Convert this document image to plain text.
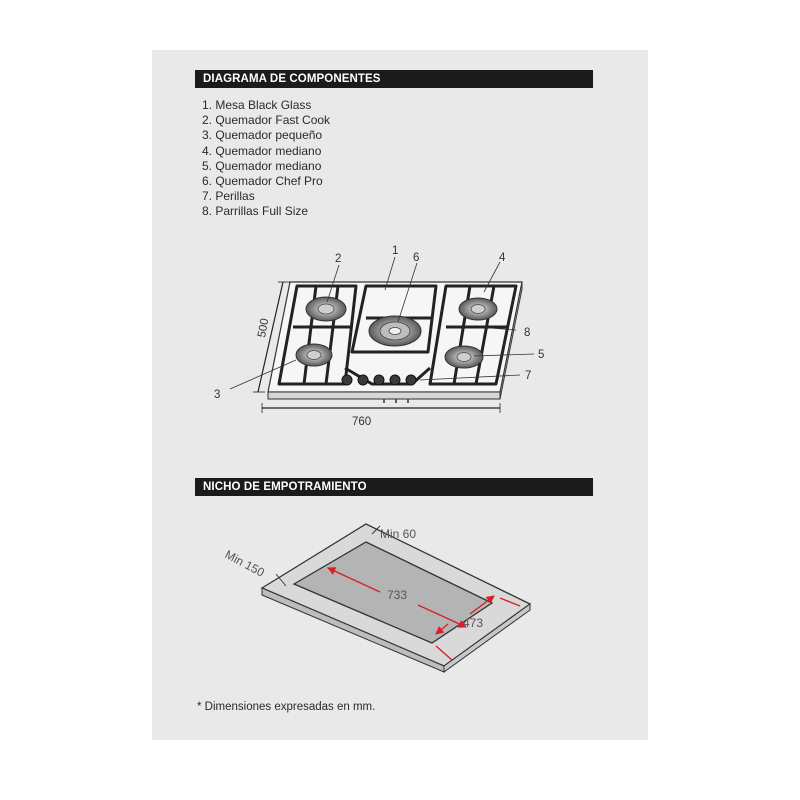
DIAGRAMA DE COMPONENTES
1. Mesa Black Glass
2. Quemador Fast Cook
3. Quemador pequeño
4. Quemador mediano
5. Quemador mediano
6. Quemador Chef Pro
7. Perillas
8. Parrillas Full Size
1
2
3
4
5
6
7
8
500
760
NICHO DE EMPOTRAMIENTO
Min 60
Min 150
733
473
* Dimensiones expresadas en mm.
